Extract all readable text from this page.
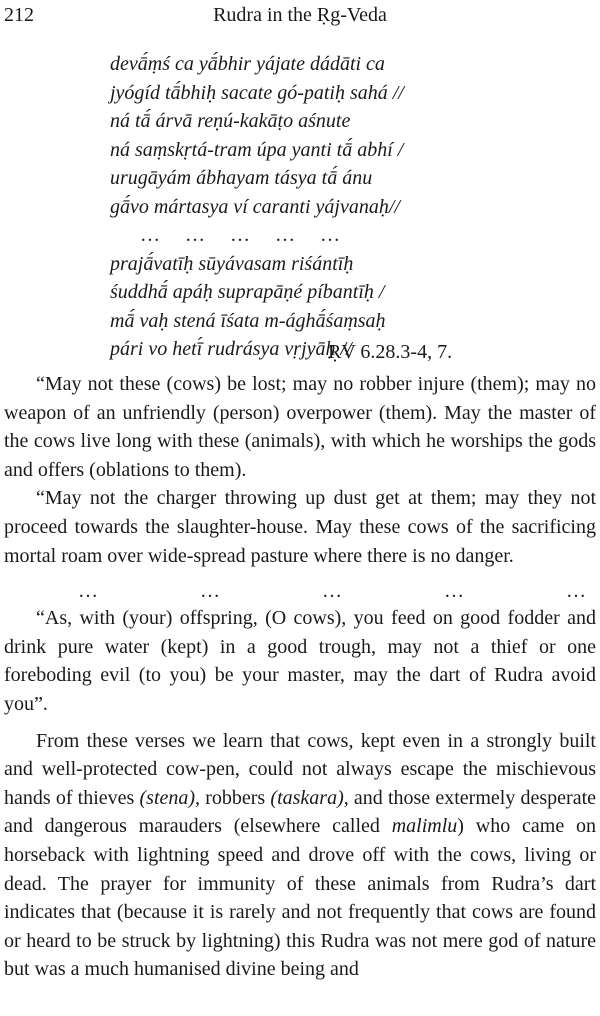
212	Rudra in the Ṛg-Veda
devā́ṃś ca yā́bhir yájate dádāti ca
jyógíd tā́bhiḥ sacate gó-patiḥ sahá //
ná tā́ árvā reṇú-kakāṭo aśnute
ná saṃskṛtá-tram úpa yanti tā́ abhí /
urugāyám ábhayam tásya tā́ ánu
gā́vo mártasya ví caranti yájvanaḥ//
… … … … …
prajā́vatīḥ sūyávasam riśántīḥ
śuddhā́ apáḥ suprapāṇé píbantīḥ /
mā́ vaḥ stená īśata m-ághā́śaṃsaḥ
pári vo hetī́ rudrásya vṛjyāḥ //
ṚV 6.28.3-4, 7.

“May not these (cows) be lost; may no robber injure (them); may no weapon of an unfriendly (person) overpower (them). May the master of the cows live long with these (animals), with which he worships the gods and offers (oblations to them).

“May not the charger throwing up dust get at them; may they not proceed towards the slaughter-house. May these cows of the sacrificing mortal roam over wide-spread pasture where there is no danger.

…	…	…	…	…

“As, with (your) offspring, (O cows), you feed on good fodder and drink pure water (kept) in a good trough, may not a thief or one foreboding evil (to you) be your master, may the dart of Rudra avoid you”.

From these verses we learn that cows, kept even in a strongly built and well-protected cow-pen, could not always escape the mischievous hands of thieves (stena), robbers (taskara), and those extermely desperate and dangerous marauders (elsewhere called malimlu) who came on horseback with lightning speed and drove off with the cows, living or dead. The prayer for immunity of these animals from Rudra’s dart indicates that (because it is rarely and not frequently that cows are found or heard to be struck by lightning) this Rudra was not mere god of nature but was a much humanised divine being and
